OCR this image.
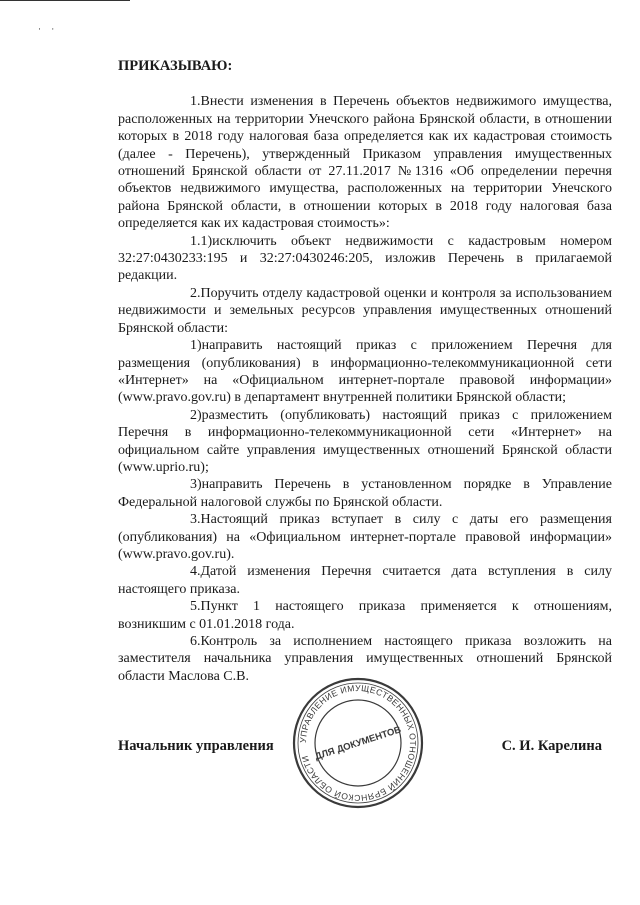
· ·

ПРИКАЗЫВАЮ:

1.Внести изменения в Перечень объектов недвижимого имущества, расположенных на территории Унечского района Брянской области, в отношении которых в 2018 году налоговая база определяется как их кадастровая стоимость (далее - Перечень), утвержденный Приказом управления имущественных отношений Брянской области от 27.11.2017 №1316 «Об определении перечня объектов недвижимого имущества, расположенных на территории Унечского района Брянской области, в отношении которых в 2018 году налоговая база определяется как их кадастровая стоимость»:

1.1)исключить объект недвижимости с кадастровым номером 32:27:0430233:195 и 32:27:0430246:205, изложив Перечень в прилагаемой редакции.

2.Поручить отделу кадастровой оценки и контроля за использованием недвижимости и земельных ресурсов управления имущественных отношений Брянской области:

1)направить настоящий приказ с приложением Перечня для размещения (опубликования) в информационно-телекоммуникационной сети «Интернет» на «Официальном интернет-портале правовой информации» (www.pravo.gov.ru) в департамент внутренней политики Брянской области;

2)разместить (опубликовать) настоящий приказ с приложением Перечня в информационно-телекоммуникационной сети «Интернет» на официальном сайте управления имущественных отношений Брянской области (www.uprio.ru);

3)направить Перечень в установленном порядке в Управление Федеральной налоговой службы по Брянской области.

3.Настоящий приказ вступает в силу с даты его размещения (опубликования) на «Официальном интернет-портале правовой информации» (www.pravo.gov.ru).

4.Датой изменения Перечня считается дата вступления в силу настоящего приказа.

5.Пункт 1 настоящего приказа применяется к отношениям, возникшим с 01.01.2018 года.

6.Контроль за исполнением настоящего приказа возложить на заместителя начальника управления имущественных отношений Брянской области Маслова С.В.

Начальник управления	С. И. Карелина
УПРАВЛЕНИЕ ИМУЩЕСТВЕННЫХ ОТНОШЕНИЙ БРЯНСКОЙ ОБЛАСТИ ДЛЯ ДОКУМЕНТОВ
